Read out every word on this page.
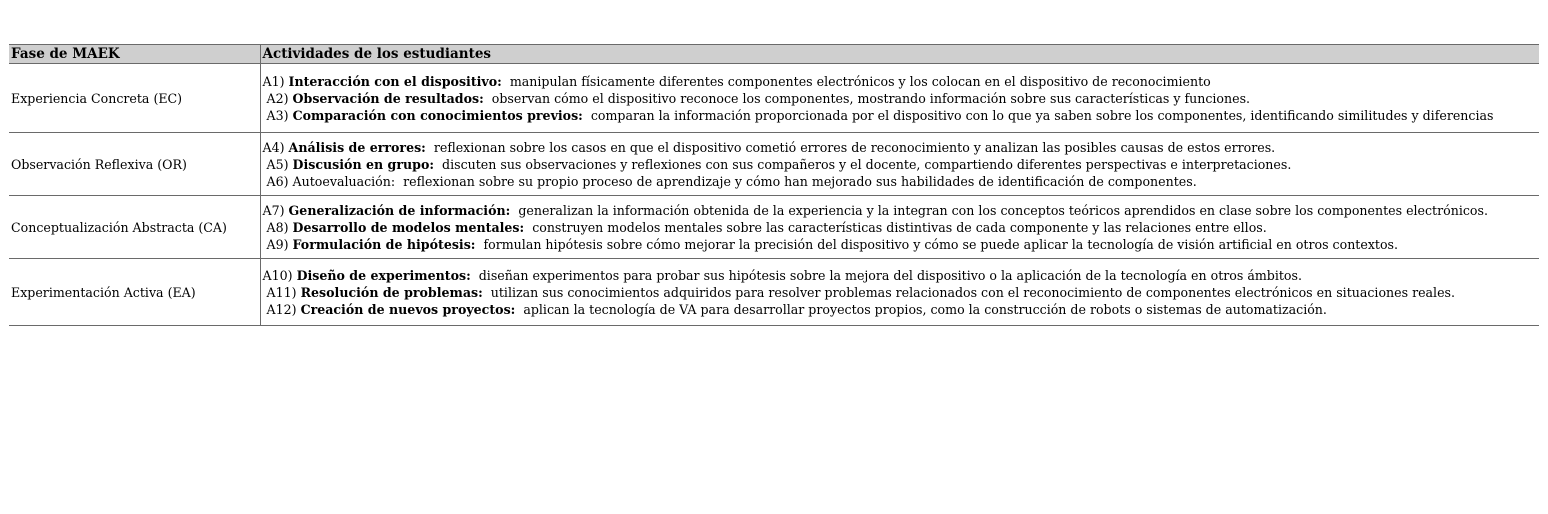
Fase de MAEK	Actividades de los estudiantes
Experiencia Concreta (EC)	A1) Interacción con el dispositivo: manipulan físicamente diferentes componentes electrónicos y los colocan en el dispositivo de reconocimiento
A2) Observación de resultados: observan cómo el dispositivo reconoce los componentes, mostrando información sobre sus características y funciones.
A3) Comparación con conocimientos previos: comparan la información proporcionada por el dispositivo con lo que ya saben sobre los componentes, identificando similitudes y diferencias

Observación Reflexiva (OR)	A4) Análisis de errores: reflexionan sobre los casos en que el dispositivo cometió errores de reconocimiento y analizan las posibles causas de estos errores.
A5) Discusión en grupo: discuten sus observaciones y reflexiones con sus compañeros y el docente, compartiendo diferentes perspectivas e interpretaciones.
A6) Autoevaluación: reflexionan sobre su propio proceso de aprendizaje y cómo han mejorado sus habilidades de identificación de componentes.

Conceptualización Abstracta (CA)	A7) Generalización de información: generalizan la información obtenida de la experiencia y la integran con los conceptos teóricos aprendidos en clase sobre los componentes electrónicos.
A8) Desarrollo de modelos mentales: construyen modelos mentales sobre las características distintivas de cada componente y las relaciones entre ellos.
A9) Formulación de hipótesis: formulan hipótesis sobre cómo mejorar la precisión del dispositivo y cómo se puede aplicar la tecnología de visión artificial en otros contextos.

Experimentación Activa (EA)	A10) Diseño de experimentos: diseñan experimentos para probar sus hipótesis sobre la mejora del dispositivo o la aplicación de la tecnología en otros ámbitos.
A11) Resolución de problemas: utilizan sus conocimientos adquiridos para resolver problemas relacionados con el reconocimiento de componentes electrónicos en situaciones reales.
A12) Creación de nuevos proyectos: aplican la tecnología de VA para desarrollar proyectos propios, como la construcción de robots o sistemas de automatización.
